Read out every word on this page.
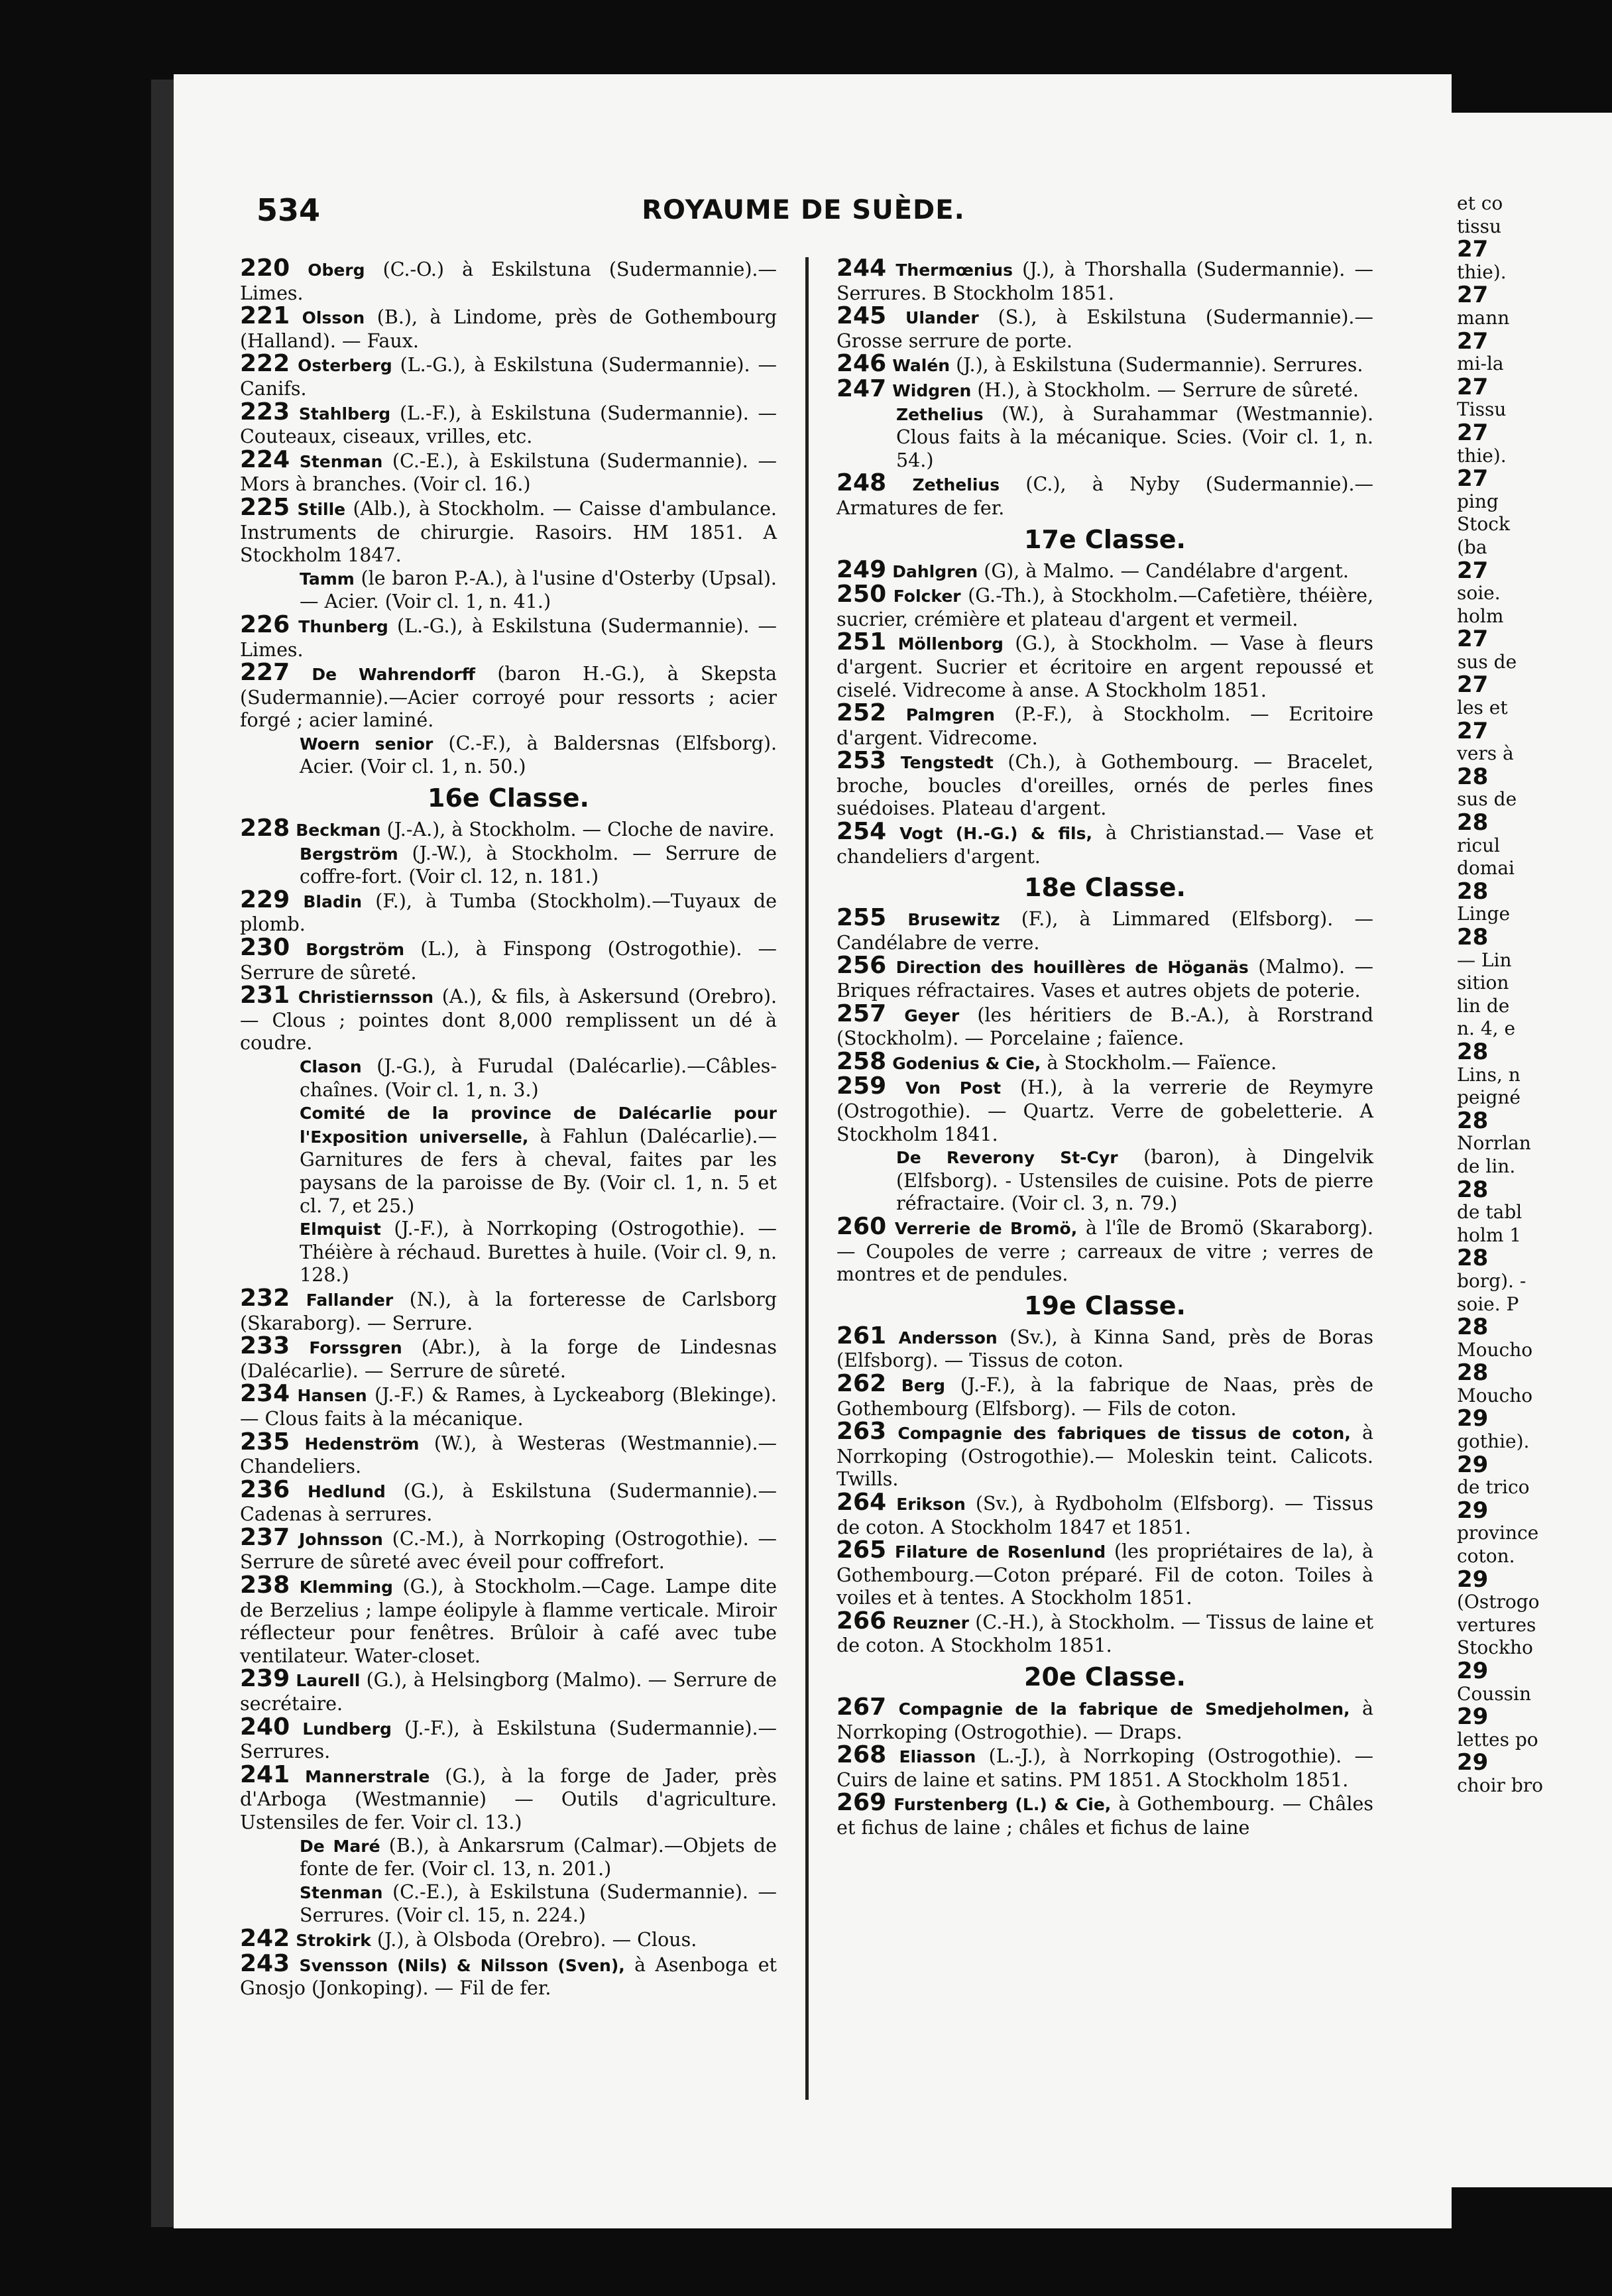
534	ROYAUME DE SUÈDE.

220 Oberg (C.-O.) à Eskilstuna (Sudermannie).— Limes.

221 Olsson (B.), à Lindome, près de Gothembourg (Halland). — Faux.

222 Osterberg (L.-G.), à Eskilstuna (Sudermannie). — Canifs.

223 Stahlberg (L.-F.), à Eskilstuna (Sudermannie). — Couteaux, ciseaux, vrilles, etc.

224 Stenman (C.-E.), à Eskilstuna (Sudermannie). — Mors à branches. (Voir cl. 16.)

225 Stille (Alb.), à Stockholm. — Caisse d'ambulance. Instruments de chirurgie. Rasoirs. HM 1851. A Stockholm 1847.

Tamm (le baron P.-A.), à l'usine d'Osterby (Upsal). — Acier. (Voir cl. 1, n. 41.)

226 Thunberg (L.-G.), à Eskilstuna (Sudermannie). — Limes.

227 De Wahrendorff (baron H.-G.), à Skepsta (Sudermannie).—Acier corroyé pour ressorts ; acier forgé ; acier laminé.

Woern senior (C.-F.), à Baldersnas (Elfsborg). Acier. (Voir cl. 1, n. 50.)

16e Classe.

228 Beckman (J.-A.), à Stockholm. — Cloche de navire.

Bergström (J.-W.), à Stockholm. — Serrure de coffre-fort. (Voir cl. 12, n. 181.)

229 Bladin (F.), à Tumba (Stockholm).—Tuyaux de plomb.

230 Borgström (L.), à Finspong (Ostrogothie). — Serrure de sûreté.

231 Christiernsson (A.), & fils, à Askersund (Orebro). — Clous ; pointes dont 8,000 remplissent un dé à coudre.

Clason (J.-G.), à Furudal (Dalécarlie).—Câbles-chaînes. (Voir cl. 1, n. 3.)

Comité de la province de Dalécarlie pour l'Exposition universelle, à Fahlun (Dalécarlie).— Garnitures de fers à cheval, faites par les paysans de la paroisse de By. (Voir cl. 1, n. 5 et cl. 7, et 25.)

Elmquist (J.-F.), à Norrkoping (Ostrogothie). — Théière à réchaud. Burettes à huile. (Voir cl. 9, n. 128.)

232 Fallander (N.), à la forteresse de Carlsborg (Skaraborg). — Serrure.

233 Forssgren (Abr.), à la forge de Lindesnas (Dalécarlie). — Serrure de sûreté.

234 Hansen (J.-F.) & Rames, à Lyckeaborg (Blekinge). — Clous faits à la mécanique.

235 Hedenström (W.), à Westeras (Westmannie).—Chandeliers.

236 Hedlund (G.), à Eskilstuna (Sudermannie).— Cadenas à serrures.

237 Johnsson (C.-M.), à Norrkoping (Ostrogothie). — Serrure de sûreté avec éveil pour coffrefort.

238 Klemming (G.), à Stockholm.—Cage. Lampe dite de Berzelius ; lampe éolipyle à flamme verticale. Miroir réflecteur pour fenêtres. Brûloir à café avec tube ventilateur. Water-closet.

239 Laurell (G.), à Helsingborg (Malmo). — Serrure de secrétaire.

240 Lundberg (J.-F.), à Eskilstuna (Sudermannie).— Serrures.

241 Mannerstrale (G.), à la forge de Jader, près d'Arboga (Westmannie) — Outils d'agriculture. Ustensiles de fer. Voir cl. 13.)

De Maré (B.), à Ankarsrum (Calmar).—Objets de fonte de fer. (Voir cl. 13, n. 201.)

Stenman (C.-E.), à Eskilstuna (Sudermannie). — Serrures. (Voir cl. 15, n. 224.)

242 Strokirk (J.), à Olsboda (Orebro). — Clous.

243 Svensson (Nils) & Nilsson (Sven), à Asenboga et Gnosjo (Jonkoping). — Fil de fer.

244 Thermœnius (J.), à Thorshalla (Sudermannie). — Serrures. B Stockholm 1851.

245 Ulander (S.), à Eskilstuna (Sudermannie).— Grosse serrure de porte.

246 Walén (J.), à Eskilstuna (Sudermannie). Serrures.

247 Widgren (H.), à Stockholm. — Serrure de sûreté.

Zethelius (W.), à Surahammar (Westmannie). Clous faits à la mécanique. Scies. (Voir cl. 1, n. 54.)

248 Zethelius (C.), à Nyby (Sudermannie).—Armatures de fer.

17e Classe.

249 Dahlgren (G), à Malmo. — Candélabre d'argent.

250 Folcker (G.-Th.), à Stockholm.—Cafetière, théière, sucrier, crémière et plateau d'argent et vermeil.

251 Möllenborg (G.), à Stockholm. — Vase à fleurs d'argent. Sucrier et écritoire en argent repoussé et ciselé. Vidrecome à anse. A Stockholm 1851.

252 Palmgren (P.-F.), à Stockholm. — Ecritoire d'argent. Vidrecome.

253 Tengstedt (Ch.), à Gothembourg. — Bracelet, broche, boucles d'oreilles, ornés de perles fines suédoises. Plateau d'argent.

254 Vogt (H.-G.) & fils, à Christianstad.— Vase et chandeliers d'argent.

18e Classe.

255 Brusewitz (F.), à Limmared (Elfsborg). — Candélabre de verre.

256 Direction des houillères de Höganäs (Malmo). — Briques réfractaires. Vases et autres objets de poterie.

257 Geyer (les héritiers de B.-A.), à Rorstrand (Stockholm). — Porcelaine ; faïence.

258 Godenius & Cie, à Stockholm.— Faïence.

259 Von Post (H.), à la verrerie de Reymyre (Ostrogothie). — Quartz. Verre de gobeletterie. A Stockholm 1841.

De Reverony St-Cyr (baron), à Dingelvik (Elfsborg). - Ustensiles de cuisine. Pots de pierre réfractaire. (Voir cl. 3, n. 79.)

260 Verrerie de Bromö, à l'île de Bromö (Skaraborg). — Coupoles de verre ; carreaux de vitre ; verres de montres et de pendules.

19e Classe.

261 Andersson (Sv.), à Kinna Sand, près de Boras (Elfsborg). — Tissus de coton.

262 Berg (J.-F.), à la fabrique de Naas, près de Gothembourg (Elfsborg). — Fils de coton.

263 Compagnie des fabriques de tissus de coton, à Norrkoping (Ostrogothie).— Moleskin teint. Calicots. Twills.

264 Erikson (Sv.), à Rydboholm (Elfsborg). — Tissus de coton. A Stockholm 1847 et 1851.

265 Filature de Rosenlund (les propriétaires de la), à Gothembourg.—Coton préparé. Fil de coton. Toiles à voiles et à tentes. A Stockholm 1851.

266 Reuzner (C.-H.), à Stockholm. — Tissus de laine et de coton. A Stockholm 1851.

20e Classe.

267 Compagnie de la fabrique de Smedjeholmen, à Norrkoping (Ostrogothie). — Draps.

268 Eliasson (L.-J.), à Norrkoping (Ostrogothie). — Cuirs de laine et satins. PM 1851. A Stockholm 1851.

269 Furstenberg (L.) & Cie, à Gothembourg. — Châles et fichus de laine ; châles et fichus de laine

et co
tissu
27
thie).
27
mann
27
mi-la
27
Tissu
27
thie).
27
ping
Stock
(ba
27
soie.
holm
27
sus de
27
les et
27
vers à
28
sus de
28
ricul
domai
28
Linge
28
— Lin
sition
lin de
n. 4, e
28
Lins, n
peigné
28
Norrlan
de lin.
28
de tabl
holm 1
28
borg). -
soie. P
28
Moucho
28
Moucho
29
gothie).
29
de trico
29
province
coton.
29
(Ostrogo
vertures
Stockho
29
Coussin
29
lettes po
29
choir bro
